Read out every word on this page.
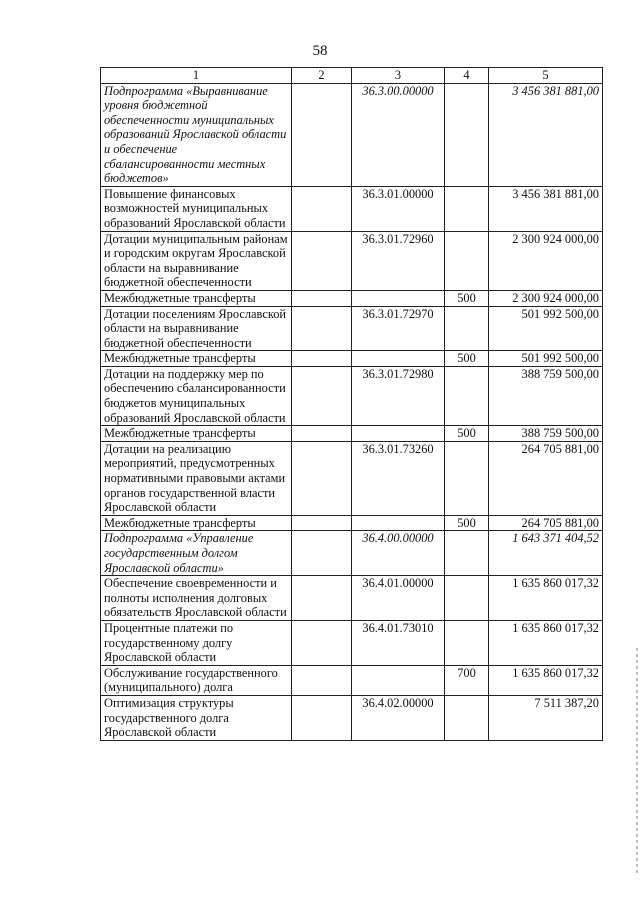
58
1	2	3	4	5
Подпрограмма «Выравнивание уровня бюджетной обеспеченности муниципальных образований Ярославской области и обеспечение сбалансированности местных бюджетов»		36.3.00.00000		3 456 381 881,00
Повышение финансовых возможностей муниципальных образований Ярославской области		36.3.01.00000		3 456 381 881,00
Дотации муниципальным районам и городским округам Ярославской области на выравнивание бюджетной обеспеченности		36.3.01.72960		2 300 924 000,00
Межбюджетные трансферты			500	2 300 924 000,00
Дотации поселениям Ярославской области на выравнивание бюджетной обеспеченности		36.3.01.72970		501 992 500,00
Межбюджетные трансферты			500	501 992 500,00
Дотации на поддержку мер по обеспечению сбалансированности бюджетов муниципальных образований Ярославской области		36.3.01.72980		388 759 500,00
Межбюджетные трансферты			500	388 759 500,00
Дотации на реализацию мероприятий, предусмотренных нормативными правовыми актами органов государственной власти Ярославской области		36.3.01.73260		264 705 881,00
Межбюджетные трансферты			500	264 705 881,00
Подпрограмма «Управление государственным долгом Ярославской области»		36.4.00.00000		1 643 371 404,52
Обеспечение своевременности и полноты исполнения долговых обязательств Ярославской области		36.4.01.00000		1 635 860 017,32
Процентные платежи по государственному долгу Ярославской области		36.4.01.73010		1 635 860 017,32
Обслуживание государственного (муниципального) долга			700	1 635 860 017,32
Оптимизация структуры государственного долга Ярославской области		36.4.02.00000		7 511 387,20
